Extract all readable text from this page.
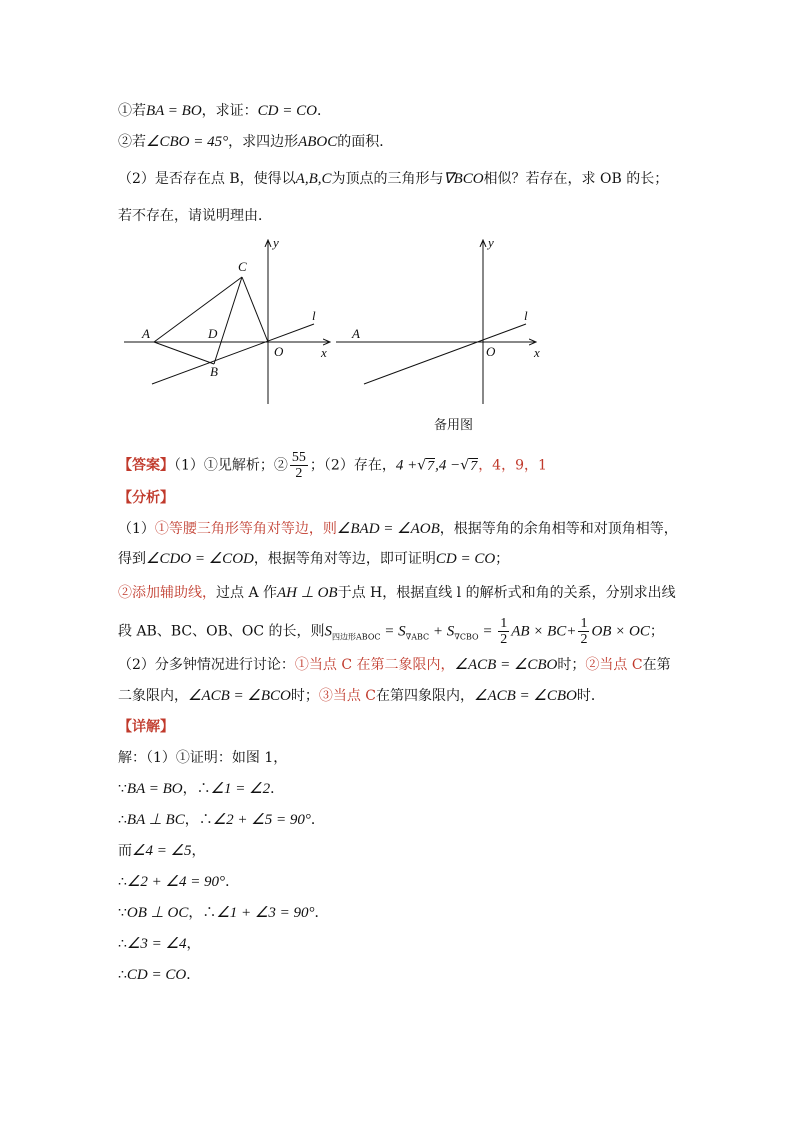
①若BA = BO，求证：CD = CO．
②若∠CBO = 45°，求四边形ABOC的面积．
（2）是否存在点 B，使得以A,B,C为顶点的三角形与∇BCO相似？若存在，求 OB 的长；
若不存在，请说明理由．
y
x
O
A
B
C
D
l
y
x
O
A
l
备用图
【答案】（1）①见解析；② $\frac{55}{2}$ ；（2）存在，4 +√7,4 −√7，4，9，1
【分析】
（1）①等腰三角形等角对等边，则∠BAD = ∠AOB，根据等角的余角相等和对顶角相等，
得到∠CDO = ∠COD，根据等角对等边，即可证明CD = CO；
②添加辅助线，过点 A 作AH ⊥ OB于点 H，根据直线 l 的解析式和角的关系，分别求出线
段 AB、BC、OB、OC 的长，则$S_{四边形ABOC} = S_{\nabla ABC} + S_{\nabla CBO} = \frac{1}{2}$ AB × $BC+ \frac{1}{2}$ OB × OC；
（2）分多钟情况进行讨论：①当点 C 在第二象限内，∠ACB = ∠CBO时；②当点 C在第
二象限内，∠ACB = ∠BCO时；③当点 C在第四象限内，∠ACB = ∠CBO时．
【详解】
解：（1）①证明：如图 1，
∵BA = BO，∴∠1 = ∠2．
∴BA ⊥ BC，∴∠2 + ∠5 = 90°．
而∠4 = ∠5，
∴∠2 + ∠4 = 90°．
∵OB ⊥ OC，∴∠1 + ∠3 = 90°．
∴∠3 = ∠4，
∴CD = CO．
